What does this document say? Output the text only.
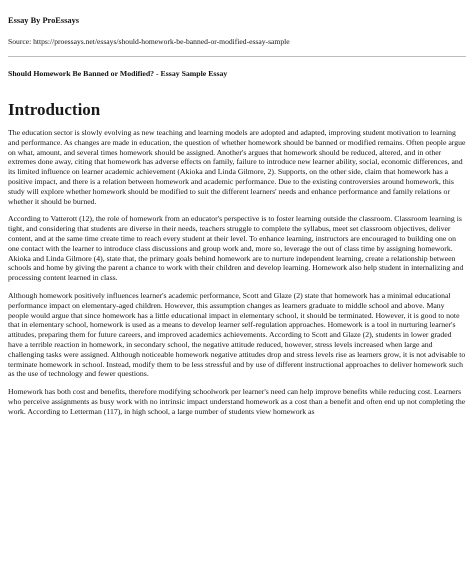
Essay By ProEssays
Source: https://proessays.net/essays/should-homework-be-banned-or-modified-essay-sample
Should Homework Be Banned or Modified? - Essay Sample Essay
Introduction

The education sector is slowly evolving as new teaching and learning models are adopted and adapted, improving student motivation to learning and performance. As changes are made in education, the question of whether homework should be banned or modified remains. Often people argue on what, amount, and several times homework should be assigned. Another's argues that homework should be reduced, altered, and in other extremes done away, citing that homework has adverse effects on family, failure to introduce new learner ability, social, economic differences, and its limited influence on learner academic achievement (Akioka and Linda Gilmore, 2). Supports, on the other side, claim that homework has a positive impact, and there is a relation between homework and academic performance. Due to the existing controversies around homework, this study will explore whether homework should be modified to suit the different learners' needs and enhance performance and family relations or whether it should be burned.

According to Vatterott (12), the role of homework from an educator's perspective is to foster learning outside the classroom. Classroom learning is tight, and considering that students are diverse in their needs, teachers struggle to complete the syllabus, meet set classroom objectives, deliver content, and at the same time create time to reach every student at their level. To enhance learning, instructors are encouraged to building one on one contact with the learner to introduce class discussions and group work and, more so, leverage the out of class time by assigning homework. Akioka and Linda Gilmore (4), state that, the primary goals behind homework are to nurture independent learning, create a relationship between schools and home by giving the parent a chance to work with their children and develop learning. Homework also help student in internalizing and processing content learned in class.

Although homework positively influences learner's academic performance, Scott and Glaze (2) state that homework has a minimal educational performance impact on elementary-aged children. However, this assumption changes as learners graduate to middle school and above. Many people would argue that since homework has a little educational impact in elementary school, it should be terminated. However, it is good to note that in elementary school, homework is used as a means to develop learner self-regulation approaches. Homework is a tool in nurturing learner's attitudes, preparing them for future careers, and improved academics achievements. According to Scott and Glaze (2), students in lower graded have a terrible reaction in homework, in secondary school, the negative attitude reduced, however, stress levels increased when large and challenging tasks were assigned. Although noticeable homework negative attitudes drop and stress levels rise as learners grow, it is not advisable to terminate homework in school. Instead, modify them to be less stressful and by use of different instructional approaches to deliver homework such as the use of technology and fewer questions.

Homework has both cost and benefits, therefore modifying schoolwork per learner's need can help improve benefits while reducing cost. Learners who perceive assignments as busy work with no intrinsic impact understand homework as a cost than a benefit and often end up not completing the work. According to Letterman (117), in high school, a large number of students view homework as
